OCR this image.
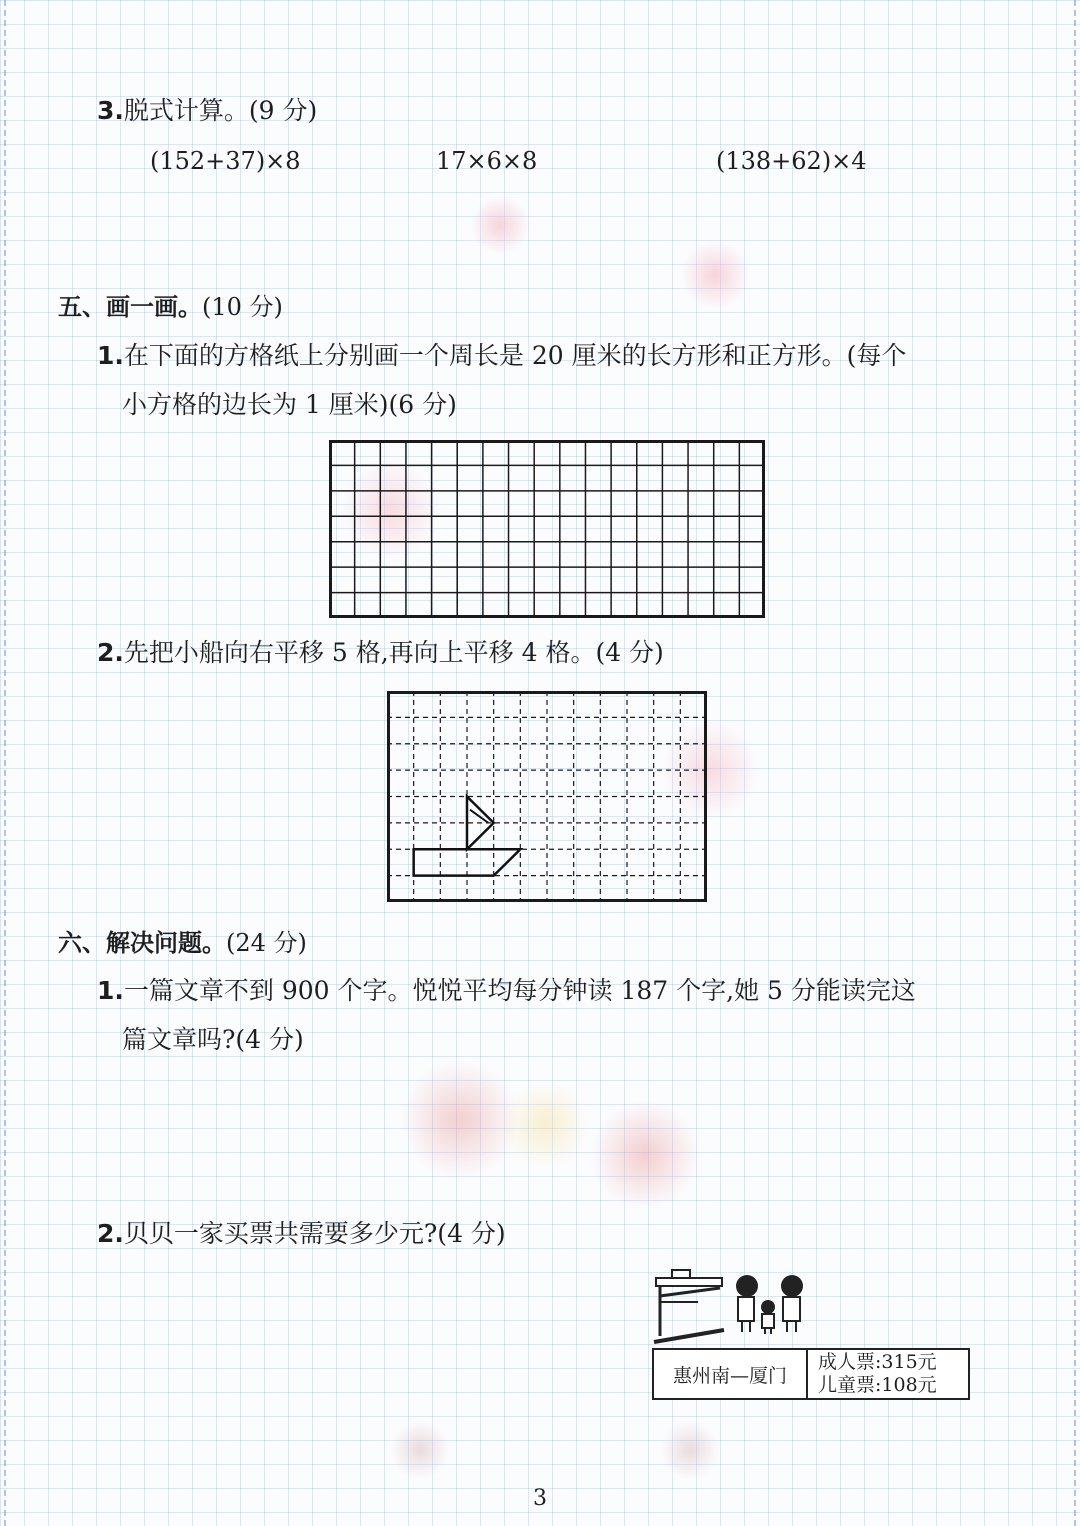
3.脱式计算。(9 分)
(152+37)×8	17×6×8	(138+62)×4
五、画一画。(10 分)
1.在下面的方格纸上分别画一个周长是 20 厘米的长方形和正方形。(每个
小方格的边长为 1 厘米)(6 分)
2.先把小船向右平移 5 格,再向上平移 4 格。(4 分)
六、解决问题。(24 分)
1.一篇文章不到 900 个字。悦悦平均每分钟读 187 个字,她 5 分能读完这
篇文章吗?(4 分)
2.贝贝一家买票共需要多少元?(4 分)
惠州南—厦门
成人票:315元
儿童票:108元
3
